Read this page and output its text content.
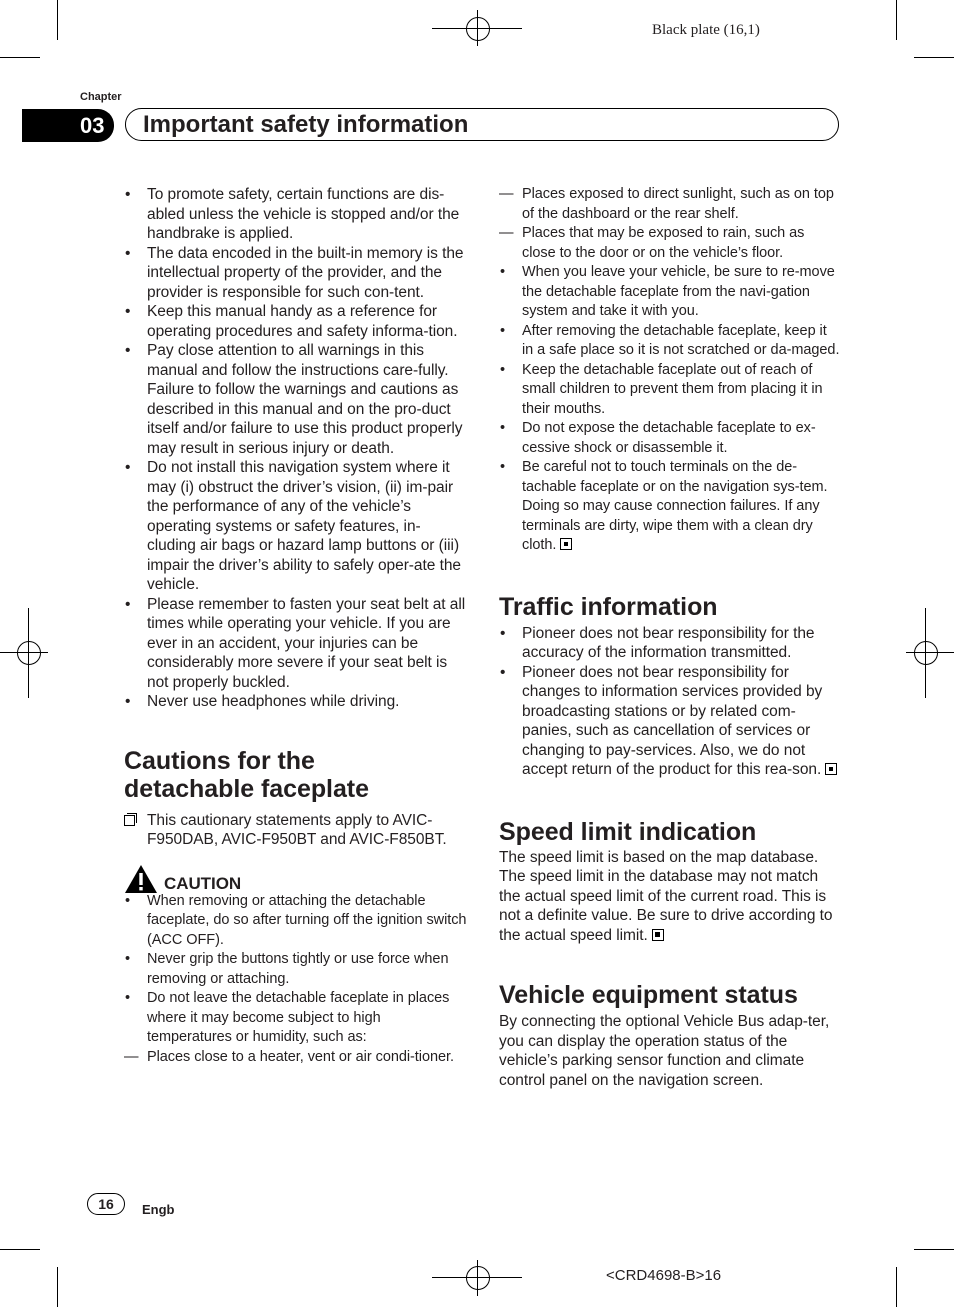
Black plate (16,1)
Chapter
03 Important safety information
• To promote safety, certain functions are dis-abled unless the vehicle is stopped and/or the handbrake is applied.
• The data encoded in the built-in memory is the intellectual property of the provider, and the provider is responsible for such con-tent.
• Keep this manual handy as a reference for operating procedures and safety informa-tion.
• Pay close attention to all warnings in this manual and follow the instructions care-fully.
Failure to follow the warnings and cautions as described in this manual and on the pro-duct itself and/or failure to use this product properly may result in serious injury or death.
• Do not install this navigation system where it may (i) obstruct the driver’s vision, (ii) im-pair the performance of any of the vehicle’s operating systems or safety features, in-cluding air bags or hazard lamp buttons or (iii) impair the driver’s ability to safely oper-ate the vehicle.
• Please remember to fasten your seat belt at all times while operating your vehicle. If you are ever in an accident, your injuries can be considerably more severe if your seat belt is not properly buckled.
• Never use headphones while driving.
Cautions for the
detachable faceplate
This cautionary statements apply to AVIC-F950DAB, AVIC-F950BT and AVIC-F850BT.
CAUTION
• When removing or attaching the detachable faceplate, do so after turning off the ignition switch (ACC OFF).
• Never grip the buttons tightly or use force when removing or attaching.
• Do not leave the detachable faceplate in places where it may become subject to high temperatures or humidity, such as:
— Places close to a heater, vent or air condi-tioner.
— Places exposed to direct sunlight, such as on top of the dashboard or the rear shelf.
— Places that may be exposed to rain, such as close to the door or on the vehicle’s floor.
• When you leave your vehicle, be sure to re-move the detachable faceplate from the navi-gation system and take it with you.
• After removing the detachable faceplate, keep it in a safe place so it is not scratched or da-maged.
• Keep the detachable faceplate out of reach of small children to prevent them from placing it in their mouths.
• Do not expose the detachable faceplate to ex-cessive shock or disassemble it.
• Be careful not to touch terminals on the de-tachable faceplate or on the navigation sys-tem. Doing so may cause connection failures. If any terminals are dirty, wipe them with a clean dry cloth.
Traffic information
• Pioneer does not bear responsibility for the accuracy of the information transmitted.
• Pioneer does not bear responsibility for changes to information services provided by broadcasting stations or by related com-panies, such as cancellation of services or changing to pay-services. Also, we do not accept return of the product for this rea-son.
Speed limit indication

The speed limit is based on the map database. The speed limit in the database may not match the actual speed limit of the current road. This is not a definite value. Be sure to drive according to the actual speed limit.

Vehicle equipment status

By connecting the optional Vehicle Bus adap-ter, you can display the operation status of the vehicle’s parking sensor function and climate control panel on the navigation screen.

16	Engb
<CRD4698-B>16
